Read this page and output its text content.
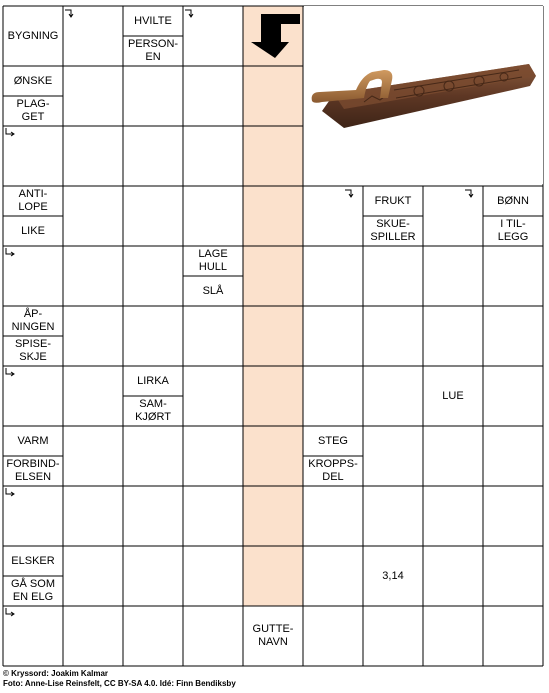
BYGNING
HVILTE
PERSON-
EN
ØNSKE
PLAG-
GET
ANTI-
LOPE
LIKE
FRUKT
SKUE-
SPILLER
BØNN
I TIL-
LEGG
LAGE
HULL
SLÅ
ÅP-
NINGEN
SPISE-
SKJE
LIRKA
SAM-
KJØRT
LUE
VARM
FORBIND-
ELSEN
STEG
KROPPS-
DEL
ELSKER
GÅ SOM
EN ELG
3,14
GUTTE-
NAVN
© Kryssord: Joakim Kalmar
Foto: Anne-Lise Reinsfelt, CC BY-SA 4.0. Idé: Finn Bendiksby
